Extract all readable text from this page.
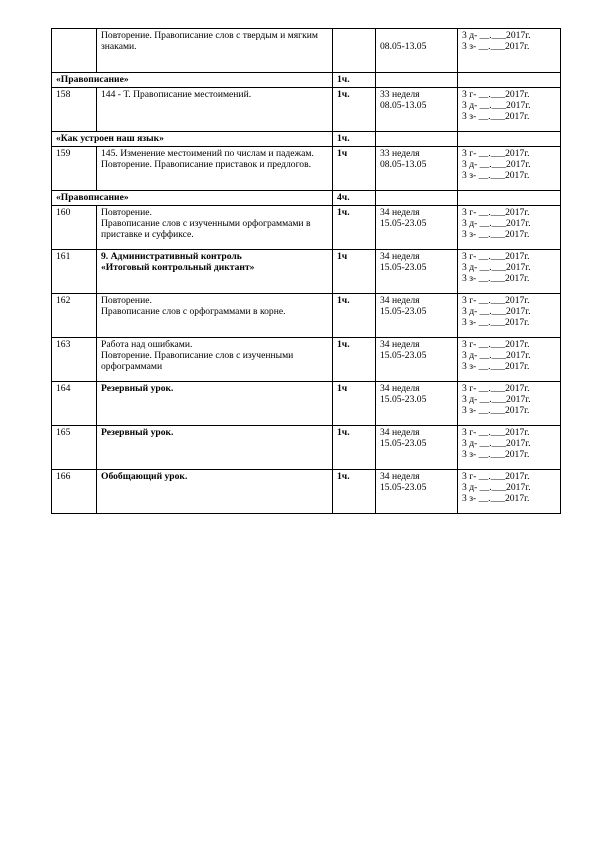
	Повторение. Правописание слов с твердым и мягким знаками.		08.05-13.05	3 д- __.___2017г.
3 з- __.___2017г.

«Правописание»		1ч.		
158	144 - Т. Правописание местоимений.	1ч.	33 неделя
08.05-13.05	3 г- __.___2017г.
3 д- __.___2017г.
3 з- __.___2017г.

«Как устроен наш язык»		1ч.		
159	145. Изменение местоимений по числам и падежам. Повторение. Правописание приставок и предлогов.	1ч	33 неделя
08.05-13.05	3 г- __.___2017г.
3 д- __.___2017г.
3 з- __.___2017г.

«Правописание»		4ч.		
160	Повторение.
Правописание слов с изученными орфограммами в приставке и суффиксе.	1ч.	34 неделя
15.05-23.05	3 г- __.___2017г.
3 д- __.___2017г.
3 з- __.___2017г.

161	9. Административный контроль
«Итоговый контрольный диктант»	1ч	34 неделя
15.05-23.05	3 г- __.___2017г.
3 д- __.___2017г.
3 з- __.___2017г.

162	Повторение.
Правописание слов с орфограммами в корне.	1ч.	34 неделя
15.05-23.05	3 г- __.___2017г.
3 д- __.___2017г.
3 з- __.___2017г.

163	Работа над ошибками.
Повторение. Правописание слов с изученными орфограммами	1ч.	34 неделя
15.05-23.05	3 г- __.___2017г.
3 д- __.___2017г.
3 з- __.___2017г.

164	Резервный урок.	1ч	34 неделя
15.05-23.05	3 г- __.___2017г.
3 д- __.___2017г.
3 з- __.___2017г.

165	Резервный урок.	1ч.	34 неделя
15.05-23.05	3 г- __.___2017г.
3 д- __.___2017г.
3 з- __.___2017г.

166	Обобщающий урок.	1ч.	34 неделя
15.05-23.05	3 г- __.___2017г.
3 д- __.___2017г.
3 з- __.___2017г.
